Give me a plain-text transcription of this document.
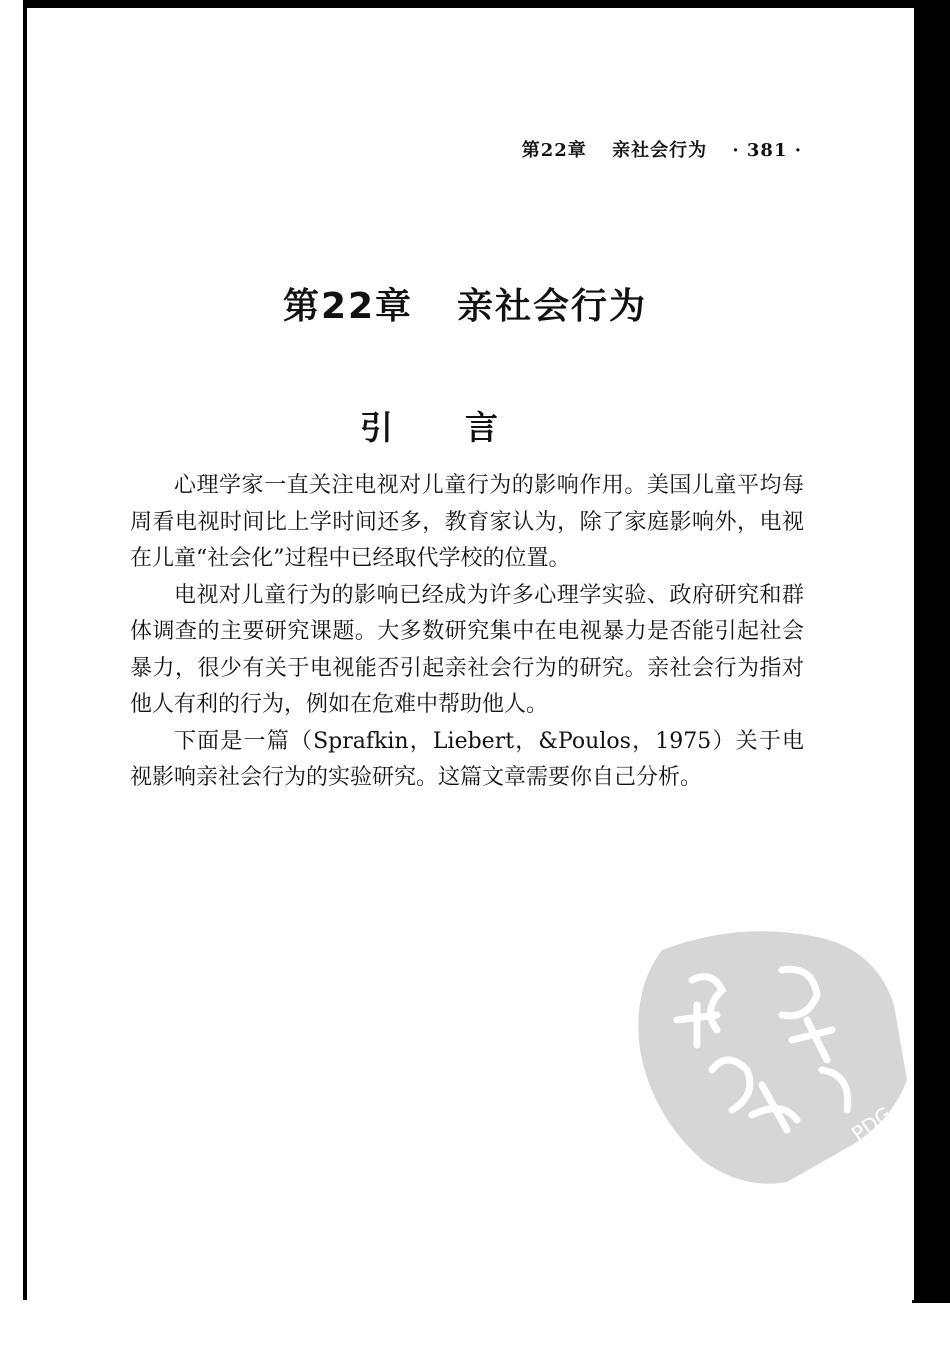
第22章 亲社会行为 · 381 ·
第22章 亲社会行为
引言

心理学家一直关注电视对儿童行为的影响作用。美国儿童平均每周看电视时间比上学时间还多，教育家认为，除了家庭影响外，电视在儿童“社会化”过程中已经取代学校的位置。

电视对儿童行为的影响已经成为许多心理学实验、政府研究和群体调查的主要研究课题。大多数研究集中在电视暴力是否能引起社会暴力，很少有关于电视能否引起亲社会行为的研究。亲社会行为指对他人有利的行为，例如在危难中帮助他人。

下面是一篇（Sprafkin，Liebert，&Poulos，1975）关于电视影响亲社会行为的实验研究。这篇文章需要你自己分析。

PDG
